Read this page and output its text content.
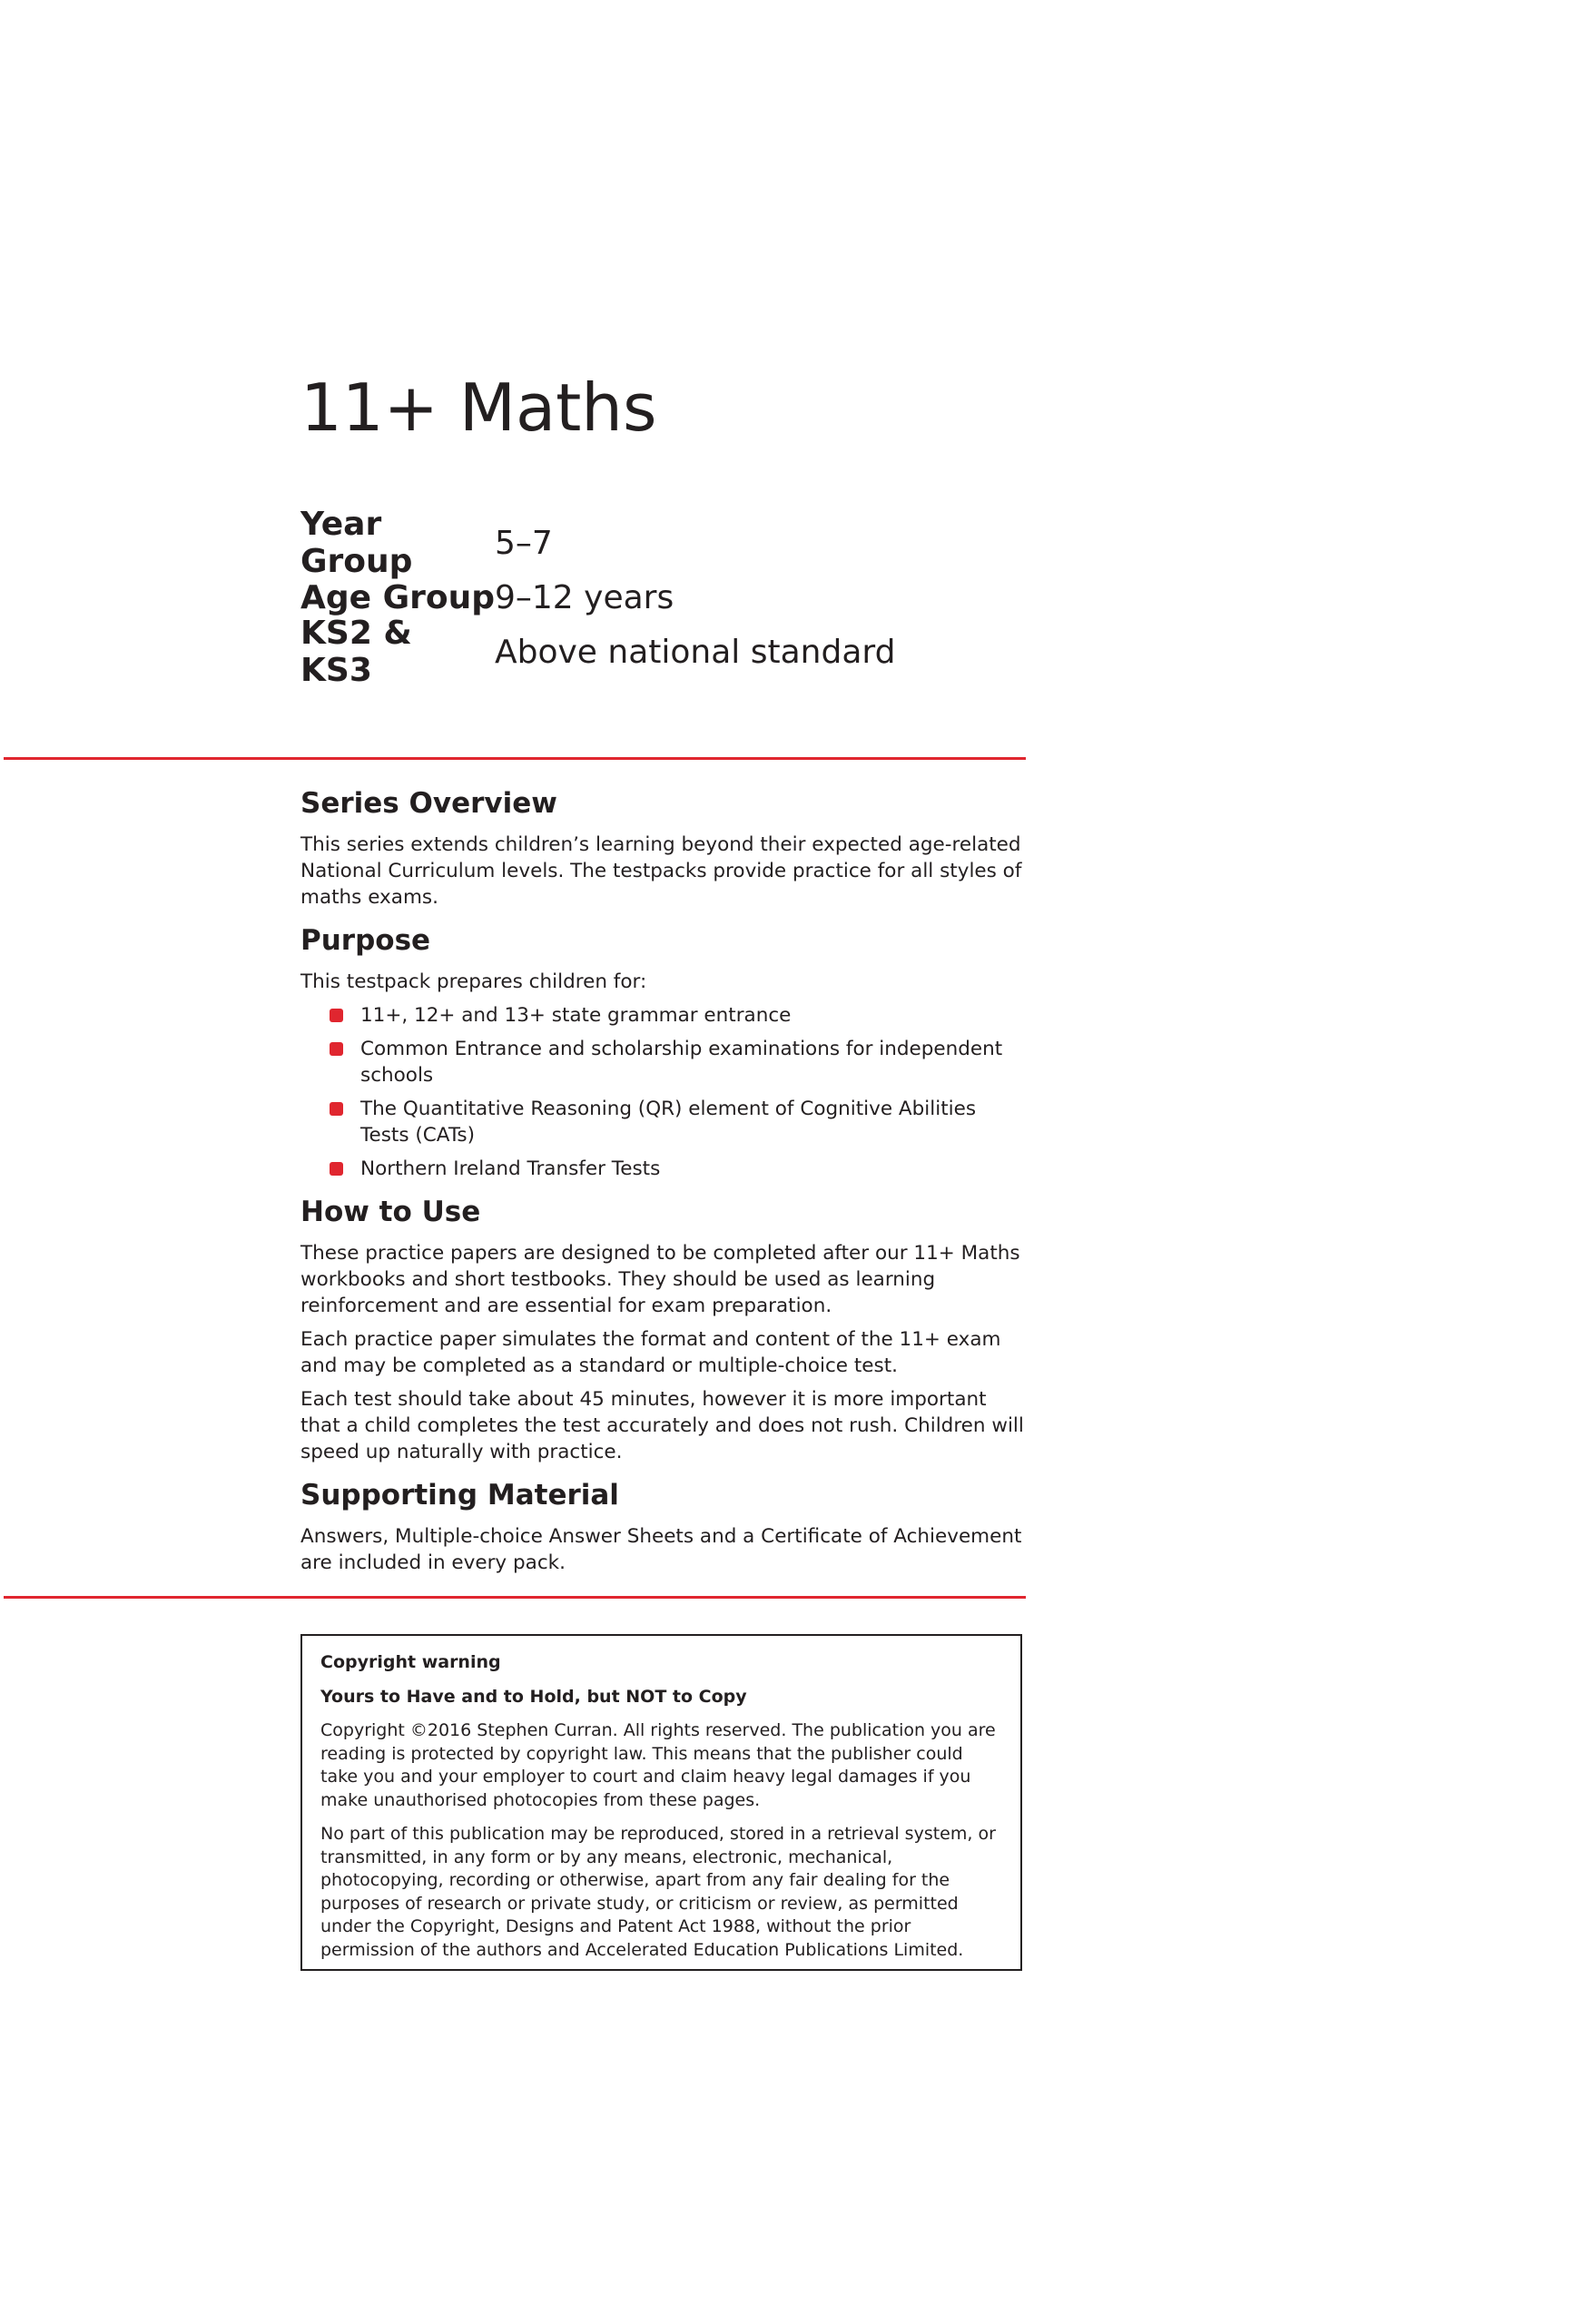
11+ Maths
Year Group	5–7
Age Group 9–12 years
KS2 & KS3	Above national standard
Series Overview

This series extends children’s learning beyond their expected age-related National Curriculum levels. The testpacks provide practice for all styles of maths exams.

Purpose

This testpack prepares children for:

11+, 12+ and 13+ state grammar entrance
Common Entrance and scholarship examinations for independent schools
The Quantitative Reasoning (QR) element of Cognitive Abilities Tests (CATs)
Northern Ireland Transfer Tests
How to Use

These practice papers are designed to be completed after our 11+ Maths workbooks and short testbooks. They should be used as learning reinforcement and are essential for exam preparation.

Each practice paper simulates the format and content of the 11+ exam and may be completed as a standard or multiple-choice test.

Each test should take about 45 minutes, however it is more important that a child completes the test accurately and does not rush. Children will speed up naturally with practice.

Supporting Material

Answers, Multiple-choice Answer Sheets and a Certificate of Achievement are included in every pack.

Copyright warning

Yours to Have and to Hold, but NOT to Copy

Copyright ©2016 Stephen Curran. All rights reserved. The publication you are reading is protected by copyright law. This means that the publisher could take you and your employer to court and claim heavy legal damages if you make unauthorised photocopies from these pages.

No part of this publication may be reproduced, stored in a retrieval system, or transmitted, in any form or by any means, electronic, mechanical, photocopying, recording or otherwise, apart from any fair dealing for the purposes of research or private study, or criticism or review, as permitted under the Copyright, Designs and Patent Act 1988, without the prior permission of the authors and Accelerated Education Publications Limited.
